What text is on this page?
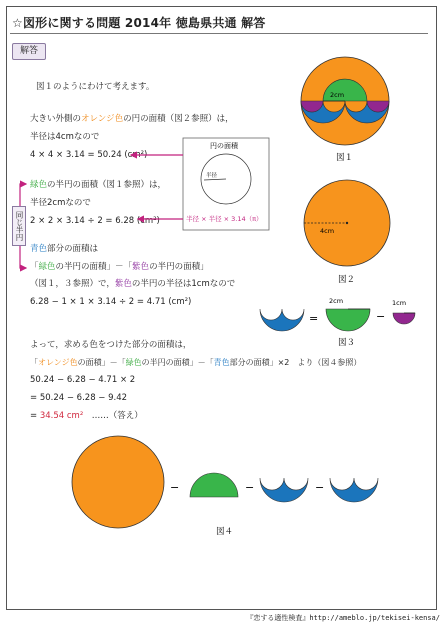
☆図形に関する問題 2014年 徳島県共通 解答
解答
図１のようにわけて考えます。
大きい外側のオレンジ色の円の面積（図２参照）は，
半径は4cmなので
4 × 4 × 3.14 = 50.24 (cm²)
緑色の半円の面積（図１参照）は，
半径2cmなので
2 × 2 × 3.14 ÷ 2 = 6.28 (cm²)
青色部分の面積は
「緑色の半円の面積」－「紫色の半円の面積」
（図１，３参照）で，紫色の半円の半径は1cmなので
6.28 − 1 × 1 × 3.14 ÷ 2 = 4.71 (cm²)
よって，求める色をつけた部分の面積は，
「オレンジ色の面積」－「緑色の半円の面積」－「青色部分の面積」×2　より（図４参照）
50.24 − 6.28 − 4.71 × 2
= 50.24 − 6.28 − 9.42
= 34.54 cm²　……（答え）
同じ半円
2cm
図１
4cm
図２
=
2cm
−
1cm
図３
−	−	−
図４
円の面積
半径
半径 × 半径 × 3.14（π）
『恋する適性検査』http://ameblo.jp/tekisei-kensa/
